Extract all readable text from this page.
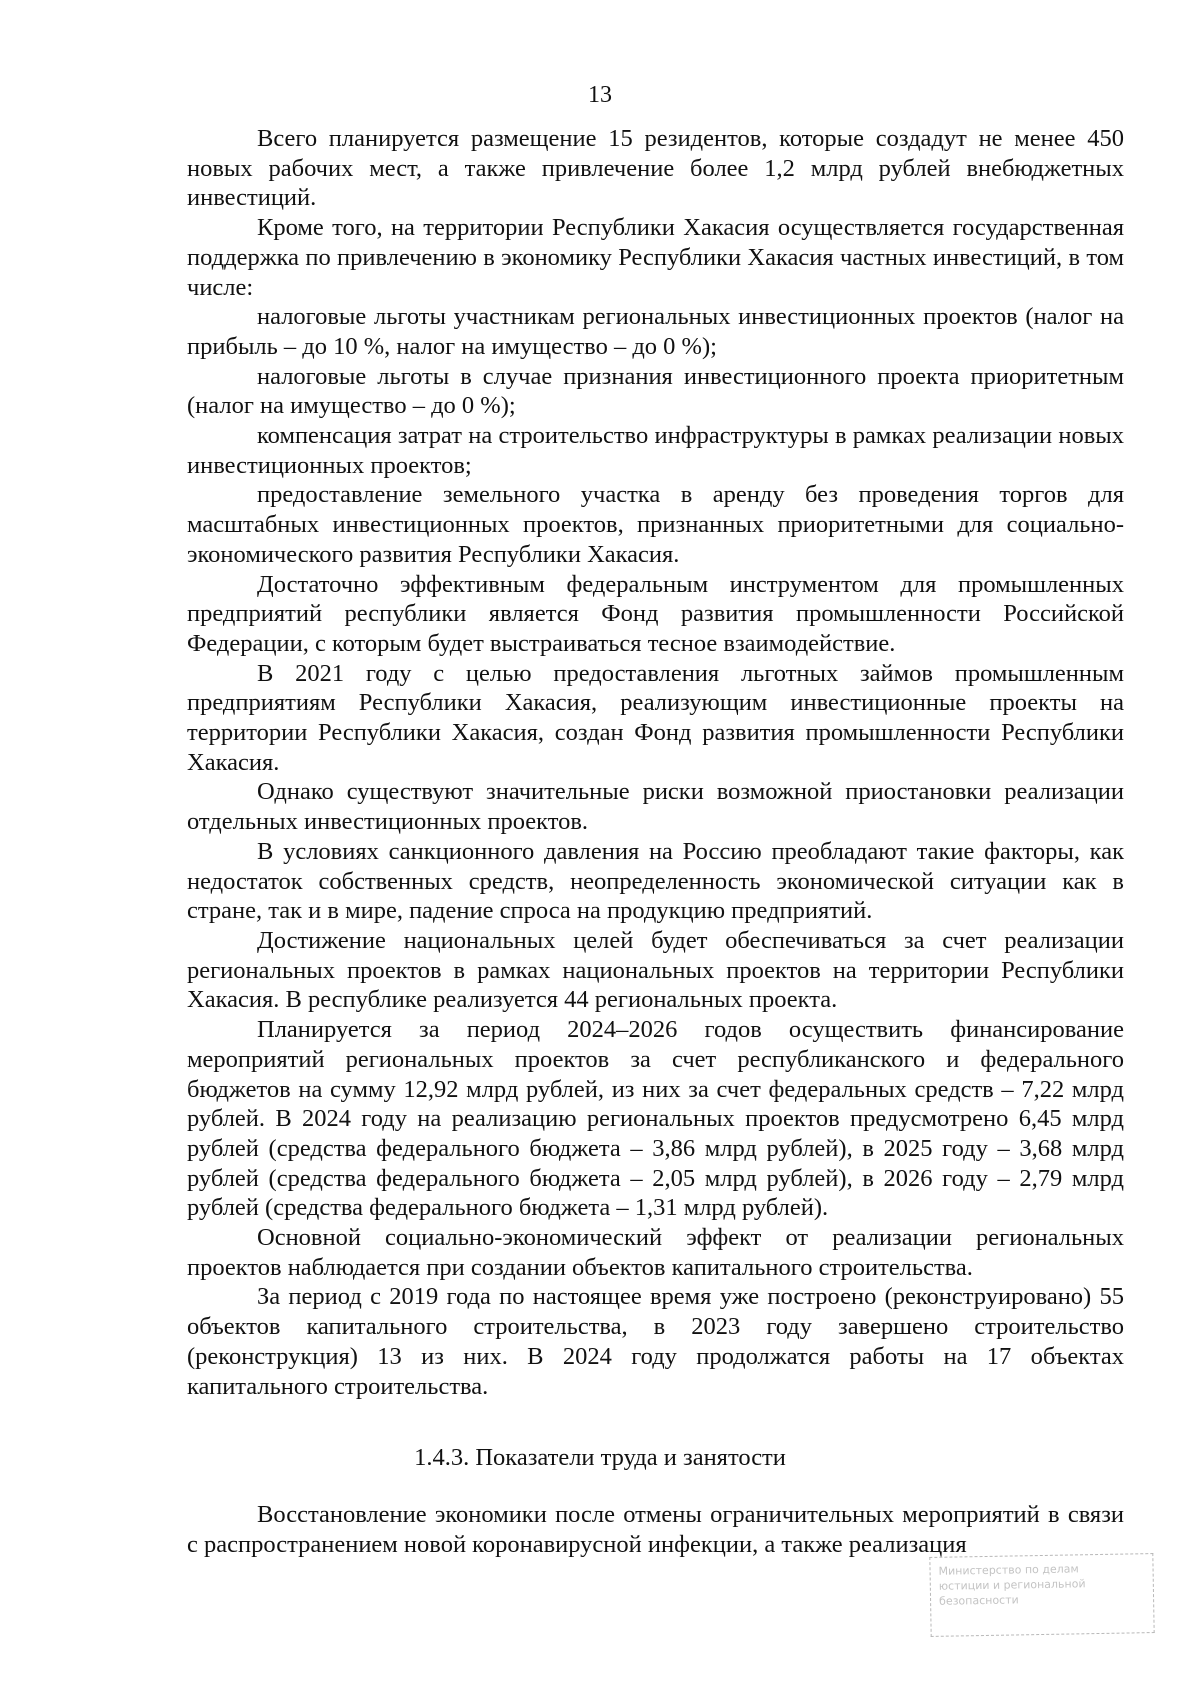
13

Всего планируется размещение 15 резидентов, которые создадут не менее 450 новых рабочих мест, а также привлечение более 1,2 млрд рублей внебюджетных инвестиций.

Кроме того, на территории Республики Хакасия осуществляется государственная поддержка по привлечению в экономику Республики Хакасия частных инвестиций, в том числе:

налоговые льготы участникам региональных инвестиционных проектов (налог на прибыль – до 10 %, налог на имущество – до 0 %);

налоговые льготы в случае признания инвестиционного проекта приоритетным (налог на имущество – до 0 %);

компенсация затрат на строительство инфраструктуры в рамках реализации новых инвестиционных проектов;

предоставление земельного участка в аренду без проведения торгов для масштабных инвестиционных проектов, признанных приоритетными для социально-экономического развития Республики Хакасия.

Достаточно эффективным федеральным инструментом для промышленных предприятий республики является Фонд развития промышленности Российской Федерации, с которым будет выстраиваться тесное взаимодействие.

В 2021 году с целью предоставления льготных займов промышленным предприятиям Республики Хакасия, реализующим инвестиционные проекты на территории Республики Хакасия, создан Фонд развития промышленности Республики Хакасия.

Однако существуют значительные риски возможной приостановки реализации отдельных инвестиционных проектов.

В условиях санкционного давления на Россию преобладают такие факторы, как недостаток собственных средств, неопределенность экономической ситуации как в стране, так и в мире, падение спроса на продукцию предприятий.

Достижение национальных целей будет обеспечиваться за счет реализации региональных проектов в рамках национальных проектов на территории Республики Хакасия. В республике реализуется 44 региональных проекта.

Планируется за период 2024–2026 годов осуществить финансирование мероприятий региональных проектов за счет республиканского и федерального бюджетов на сумму 12,92 млрд рублей, из них за счет федеральных средств – 7,22 млрд рублей. В 2024 году на реализацию региональных проектов предусмотрено 6,45 млрд рублей (средства федерального бюджета – 3,86 млрд рублей), в 2025 году – 3,68 млрд рублей (средства федерального бюджета – 2,05 млрд рублей), в 2026 году – 2,79 млрд рублей (средства федерального бюджета – 1,31 млрд рублей).

Основной социально-экономический эффект от реализации региональных проектов наблюдается при создании объектов капитального строительства.

За период с 2019 года по настоящее время уже построено (реконструировано) 55 объектов капитального строительства, в 2023 году завершено строительство (реконструкция) 13 из них. В 2024 году продолжатся работы на 17 объектах капитального строительства.

1.4.3. Показатели труда и занятости

Восстановление экономики после отмены ограничительных мероприятий в связи с распространением новой коронавирусной инфекции, а также реализация

Министерство по делам
юстиции и региональной
безопасности
